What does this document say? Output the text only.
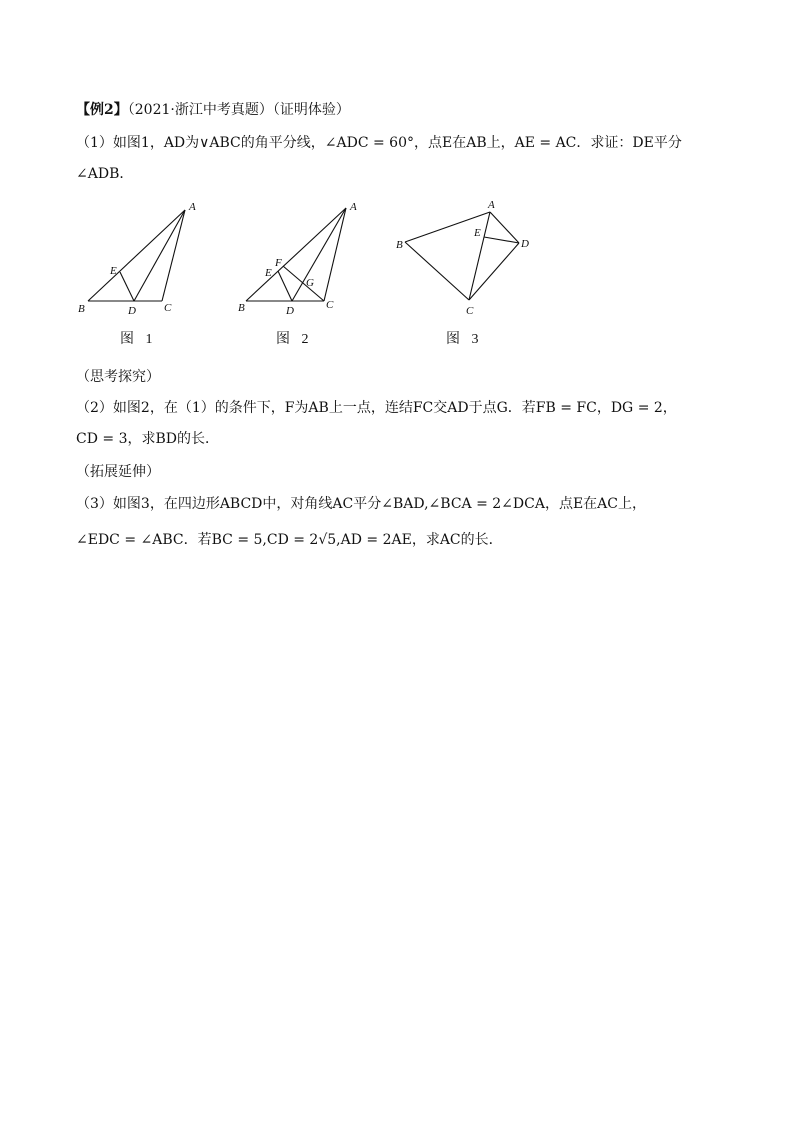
【例2】（2021·浙江中考真题）（证明体验）
（1）如图1，AD为∨ABC的角平分线，∠ADC = 60°，点E在AB上，AE = AC．求证：DE平分
∠ADB．
A
B	C
D
E
A
B	C
D
E
F
G
A
B
C
D
E
图 1	图 2	图 3
（思考探究）
（2）如图2，在（1）的条件下，F为AB上一点，连结FC交AD于点G．若FB = FC，DG = 2，
CD = 3，求BD的长．
（拓展延伸）
（3）如图3，在四边形ABCD中，对角线AC平分∠BAD,∠BCA = 2∠DCA，点E在AC上，
∠EDC = ∠ABC．若BC = 5,CD = 2√5,AD = 2AE，求AC的长．
